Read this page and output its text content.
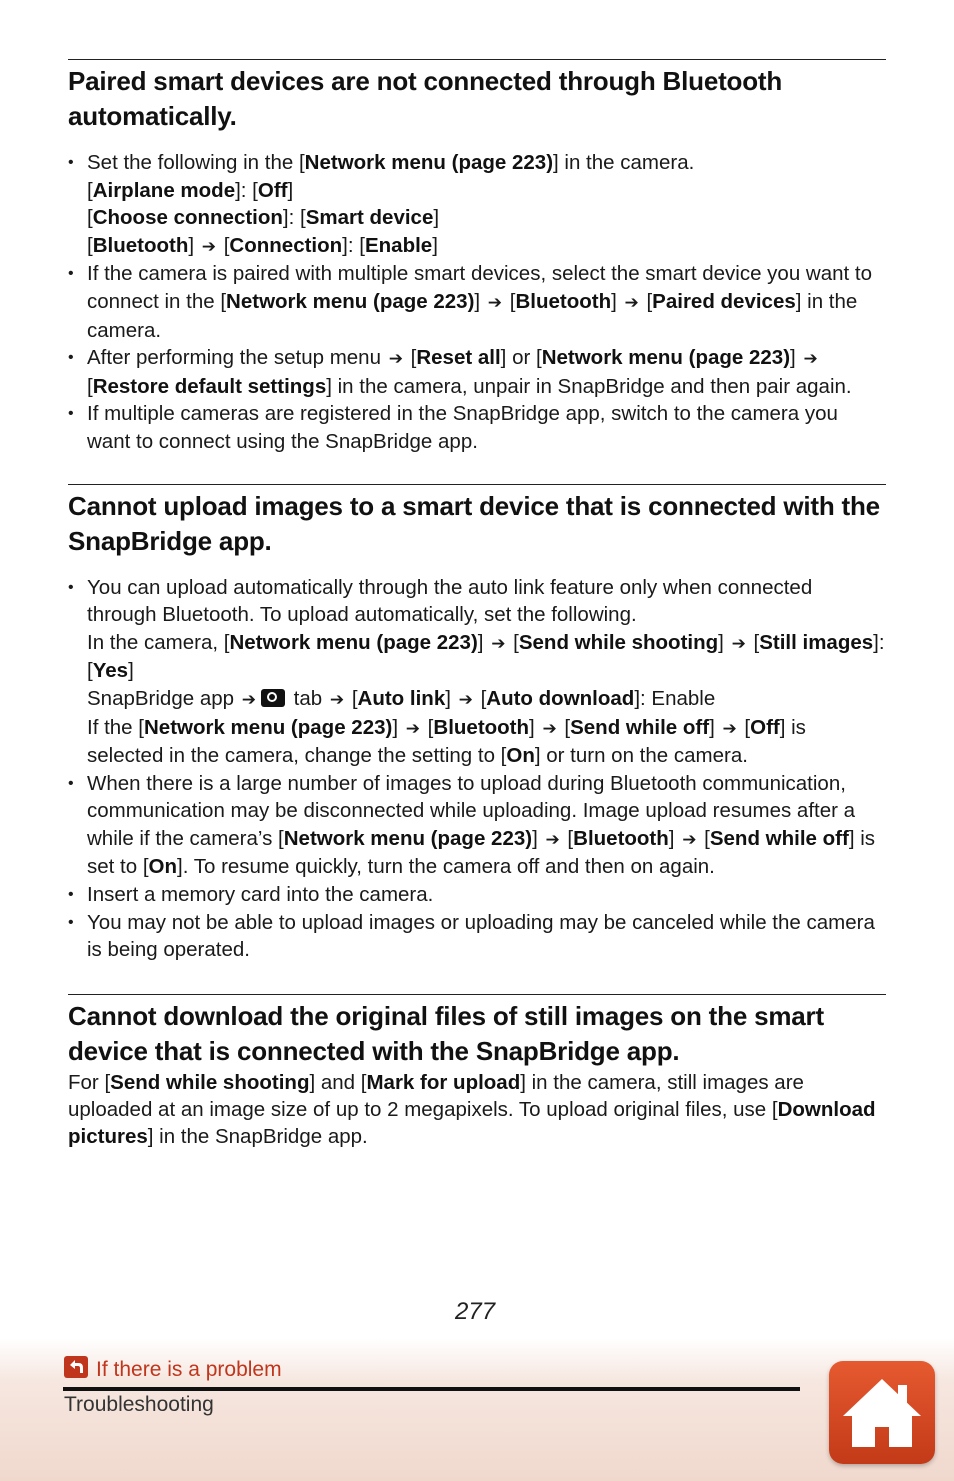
Paired smart devices are not connected through Bluetooth automatically.
• Set the following in the [Network menu (page 223)] in the camera.
[Airplane mode]: [Off]
[Choose connection]: [Smart device]
[Bluetooth] ➔ [Connection]: [Enable]
• If the camera is paired with multiple smart devices, select the smart device you want to connect in the [Network menu (page 223)] ➔ [Bluetooth] ➔ [Paired devices] in the camera.
• After performing the setup menu ➔ [Reset all] or [Network menu (page 223)] ➔ [Restore default settings] in the camera, unpair in SnapBridge and then pair again.
• If multiple cameras are registered in the SnapBridge app, switch to the camera you want to connect using the SnapBridge app.
Cannot upload images to a smart device that is connected with the SnapBridge app.
• You can upload automatically through the auto link feature only when connected through Bluetooth. To upload automatically, set the following.
In the camera, [Network menu (page 223)] ➔ [Send while shooting] ➔ [Still images]: [Yes]
SnapBridge app ➔ tab ➔ [Auto link] ➔ [Auto download]: Enable
If the [Network menu (page 223)] ➔ [Bluetooth] ➔ [Send while off] ➔ [Off] is selected in the camera, change the setting to [On] or turn on the camera.
• When there is a large number of images to upload during Bluetooth communication, communication may be disconnected while uploading. Image upload resumes after a while if the camera’s [Network menu (page 223)] ➔ [Bluetooth] ➔ [Send while off] is set to [On]. To resume quickly, turn the camera off and then on again.
• Insert a memory card into the camera.
• You may not be able to upload images or uploading may be canceled while the camera is being operated.
Cannot download the original files of still images on the smart device that is connected with the SnapBridge app.

For [Send while shooting] and [Mark for upload] in the camera, still images are uploaded at an image size of up to 2 megapixels. To upload original files, use [Download pictures] in the SnapBridge app.

277
If there is a problem
Troubleshooting
